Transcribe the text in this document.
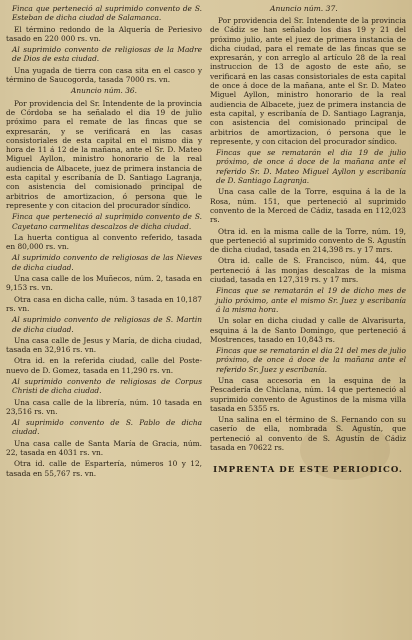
Finca que perteneció al suprimido convento de S. Esteban de dicha ciudad de Salamanca.

El término redondo de la Alquería de Periesivo tasado en 220 000 rs. vn.

Al suprimido convento de religiosas de la Madre de Dios de esta ciudad.

Una yugada de tierra con casa sita en el casco y término de Saucogorda, tasada 7000 rs. vn.

Anuncio núm. 36.

Por providencia del Sr. Intendente de la provincia de Córdoba se ha señalado el dia 19 de julio próximo para el remate de las fincas que se expresarán, y se verificará en las casas consistoriales de esta capital en el mismo dia y hora de 11 á 12 de la mañana, ante el Sr. D. Mateo Miguel Ayllon, ministro honorario de la real audiencia de Albacete, juez de primera instancia de esta capital y escribanía de D. Santiago Lagranja, con asistencia del comisionado principal de arbitrios de amortizacion, ó persona que le represente y con citacion del procurador síndico.

Finca que perteneció al suprimido convento de S. Cayetano carmelitas descalzos de dicha ciudad.

La huerta contigua al convento referido, tasada en 80,000 rs. vn.

Al suprimido convento de religiosas de las Nieves de dicha ciudad.

Una casa calle de los Muñecos, núm. 2, tasada en 9,153 rs. vn.

Otra casa en dicha calle, núm. 3 tasada en 10,187 rs. vn.

Al suprimido convento de religiosas de S. Martin de dicha ciudad.

Una casa calle de Jesus y María, de dicha ciudad, tasada en 32,916 rs. vn.

Otra id. en la referida ciudad, calle del Poste-nuevo de D. Gomez, tasada en 11,290 rs. vn.

Al suprimido convento de religiosas de Corpus Christi de dicha ciudad.

Una casa calle de la librería, núm. 10 tasada en 23,516 rs. vn.

Al suprimido convento de S. Pablo de dicha ciudad.

Una casa calle de Santa María de Gracia, núm. 22, tasada en 4031 rs. vn.

Otra id. calle de Espartería, números 10 y 12, tasada en 55,767 rs. vn.

Anuncio núm. 37.

Por providencia del Sr. Intendente de la provincia de Cádiz se han señalado los dias 19 y 21 del próximo julio, ante el juez de primera instancia de dicha ciudad, para el remate de las fincas que se expresarán, y con arreglo al artículo 28 de la real instruccion de 13 de agosto de este año, se verificará en las casas consistoriales de esta capital de once á doce de la mañana, ante el Sr. D. Mateo Miguel Ayllon, ministro honorario de la real audiencia de Albacete, juez de primera instancia de esta capital, y escribanía de D. Santiago Lagranja, con asistencia del comisionado principal de arbitrios de amortizacion, ó persona que le represente, y con citacion del procurador síndico.

Fincas que se rematarán el dia 19 de julio próximo, de once á doce de la mañana ante el referido Sr. D. Mateo Miguel Ayllon y escribanía de D. Santiago Lagranja.

Una casa calle de la Torre, esquina á la de la Rosa, núm. 151, que perteneció al suprimido convento de la Merced de Cádiz, tasada en 112,023 rs.

Otra id. en la misma calle de la Torre, núm. 19, que perteneció al suprimido convento de S. Agustín de dicha ciudad, tasada en 214,398 rs. y 17 mrs.

Otra id. calle de S. Francisco, núm. 44, que perteneció á las monjas descalzas de la misma ciudad, tasada en 127,319 rs. y 17 mrs.

Fincas que se rematarán el 19 de dicho mes de julio próximo, ante el mismo Sr. Juez y escribanía á la misma hora.

Un solar en dicha ciudad y calle de Alvarisurta, esquina á la de Santo Domingo, que perteneció á Mostrences, tasado en 10,843 rs.

Fincas que se rematarán el dia 21 del mes de julio próximo, de once á doce de la mañana ante el referido Sr. Juez y escribanía.

Una casa accesoria en la esquina de la Pescadería de Chiclana, núm. 14 que perteneció al suprimido convento de Agustinos de la misma villa tasada en 5355 rs.

Una salina en el término de S. Fernando con su caserío de ella, nombrada S. Agustín, que perteneció al convento de S. Agustín de Cádiz tasada en 70622 rs.

IMPRENTA DE ESTE PERIODICO.
